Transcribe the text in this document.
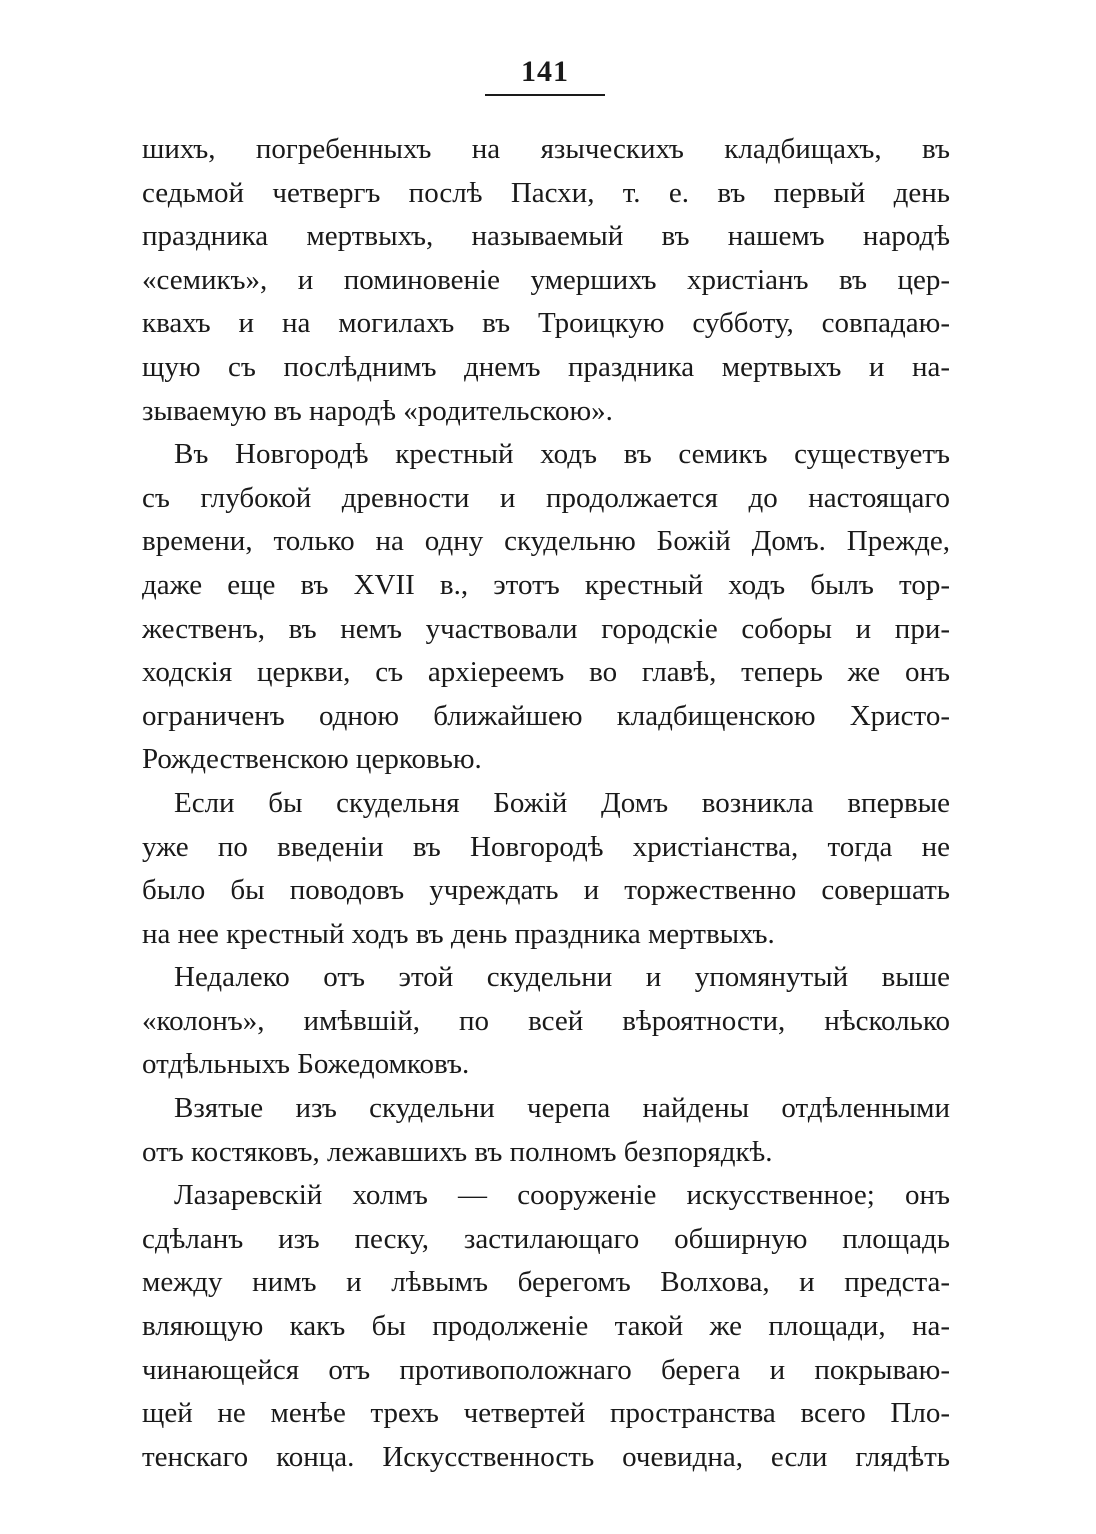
141
шихъ, погребенныхъ на языческихъ кладбищахъ, въ
седьмой четвергъ послѣ Пасхи, т. е. въ первый день
праздника мертвыхъ, называемый въ нашемъ народѣ
«семикъ», и поминовенiе умершихъ христiанъ въ цер-
квахъ и на могилахъ въ Троицкую субботу, совпадаю-
щую съ послѣднимъ днемъ праздника мертвыхъ и на-
зываемую въ народѣ «родительскою».
Въ Новгородѣ крестный ходъ въ семикъ существуетъ
съ глубокой древности и продолжается до настоящаго
времени, только на одну скудельню Божiй Домъ. Прежде,
даже еще въ XVII в., этотъ крестный ходъ былъ тор-
жественъ, въ немъ участвовали городскiе соборы и при-
ходскiя церкви, съ архiереемъ во главѣ, теперь же онъ
ограниченъ одною ближайшею кладбищенскою Христо-
Рождественскою церковью.
Если бы скудельня Божiй Домъ возникла впервые
уже по введенiи въ Новгородѣ христiанства, тогда не
было бы поводовъ учреждать и торжественно совершать
на нее крестный ходъ въ день праздника мертвыхъ.
Недалеко отъ этой скудельни и упомянутый выше
«колонъ», имѣвшiй, по всей вѣроятности, нѣсколько
отдѣльныхъ Божедомковъ.
Взятые изъ скудельни черепа найдены отдѣленными
отъ костяковъ, лежавшихъ въ полномъ безпорядкѣ.
Лазаревскiй холмъ — сооруженiе искусственное; онъ
сдѣланъ изъ песку, застилающаго обширную площадь
между нимъ и лѣвымъ берегомъ Волхова, и предста-
вляющую какъ бы продолженiе такой же площади, на-
чинающейся отъ противоположнаго берега и покрываю-
щей не менѣе трехъ четвертей пространства всего Пло-
тенскаго конца. Искусственность очевидна, если глядѣть
